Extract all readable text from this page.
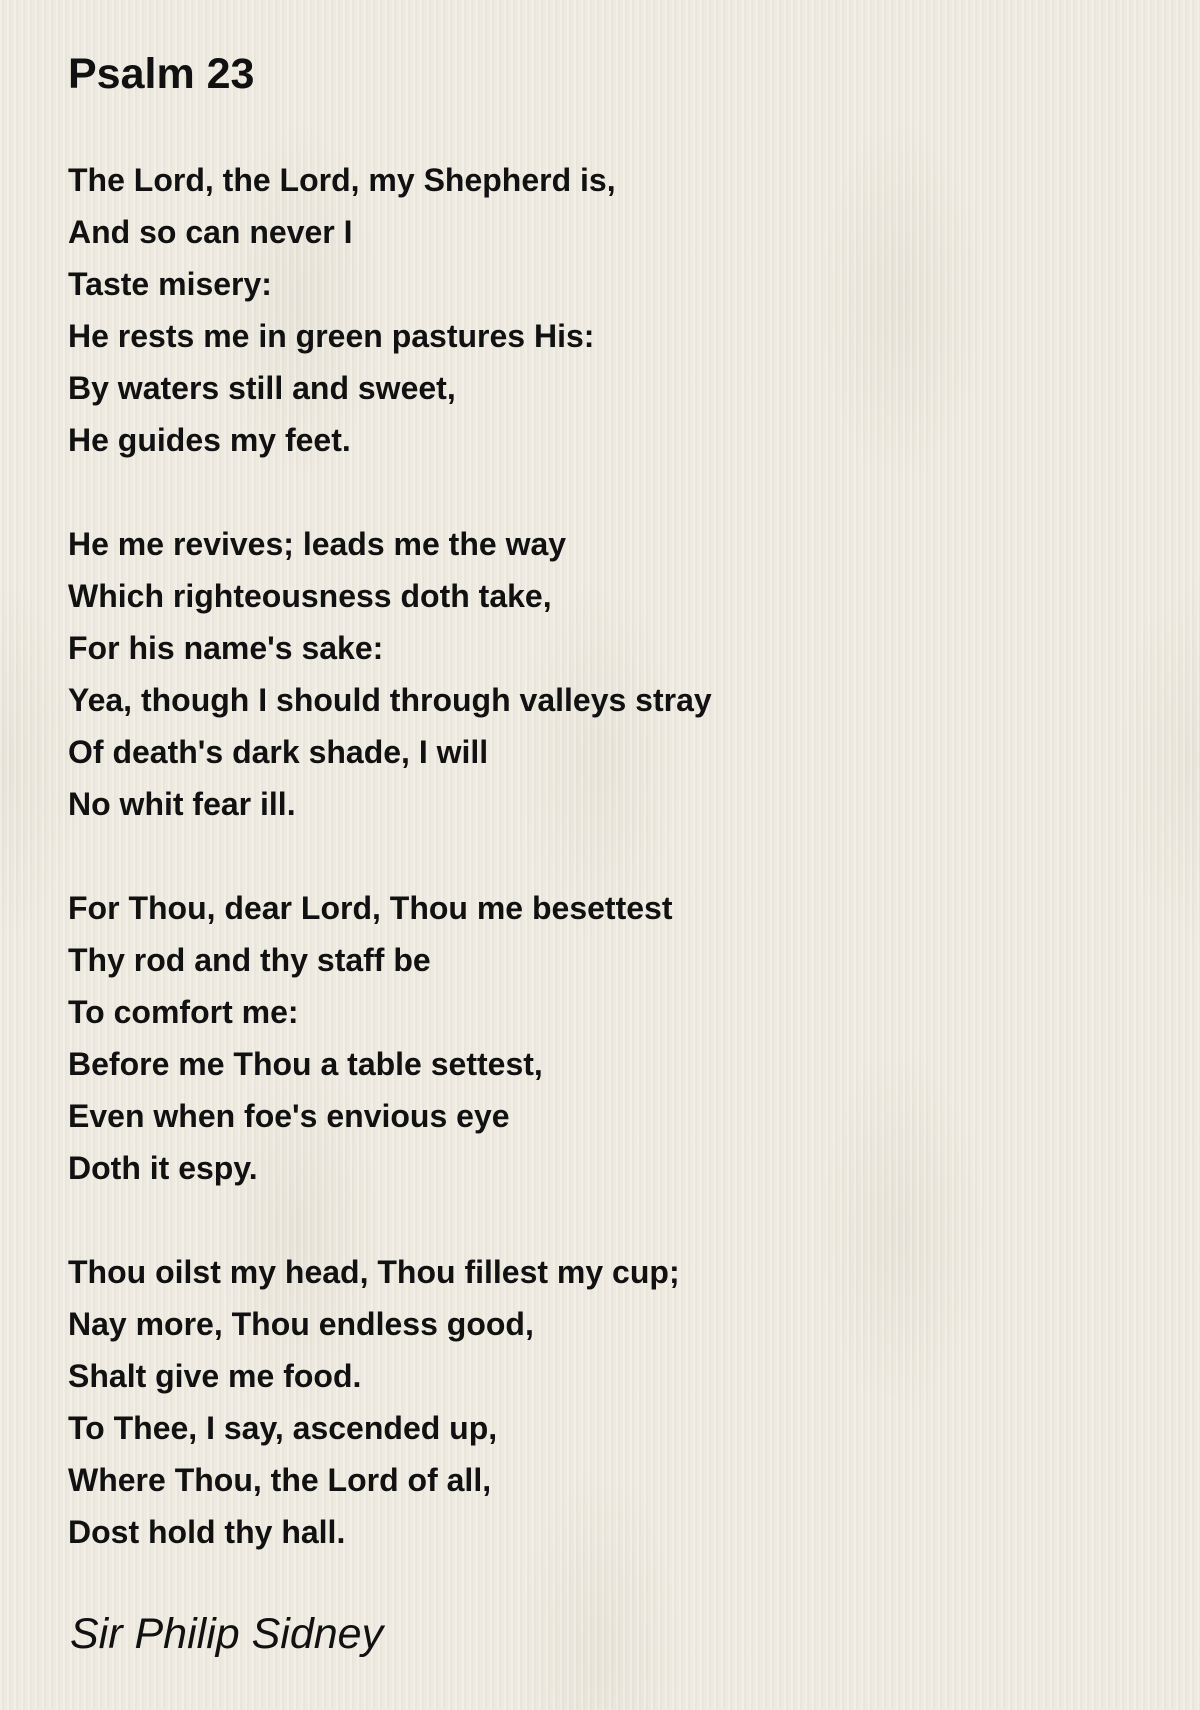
Psalm 23

The Lord, the Lord, my Shepherd is,
And so can never I
Taste misery:
He rests me in green pastures His:
By waters still and sweet,
He guides my feet.

He me revives; leads me the way
Which righteousness doth take,
For his name's sake:
Yea, though I should through valleys stray
Of death's dark shade, I will
No whit fear ill.

For Thou, dear Lord, Thou me besettest
Thy rod and thy staff be
To comfort me:
Before me Thou a table settest,
Even when foe's envious eye
Doth it espy.

Thou oilst my head, Thou fillest my cup;
Nay more, Thou endless good,
Shalt give me food.
To Thee, I say, ascended up,
Where Thou, the Lord of all,
Dost hold thy hall.

Sir Philip Sidney
